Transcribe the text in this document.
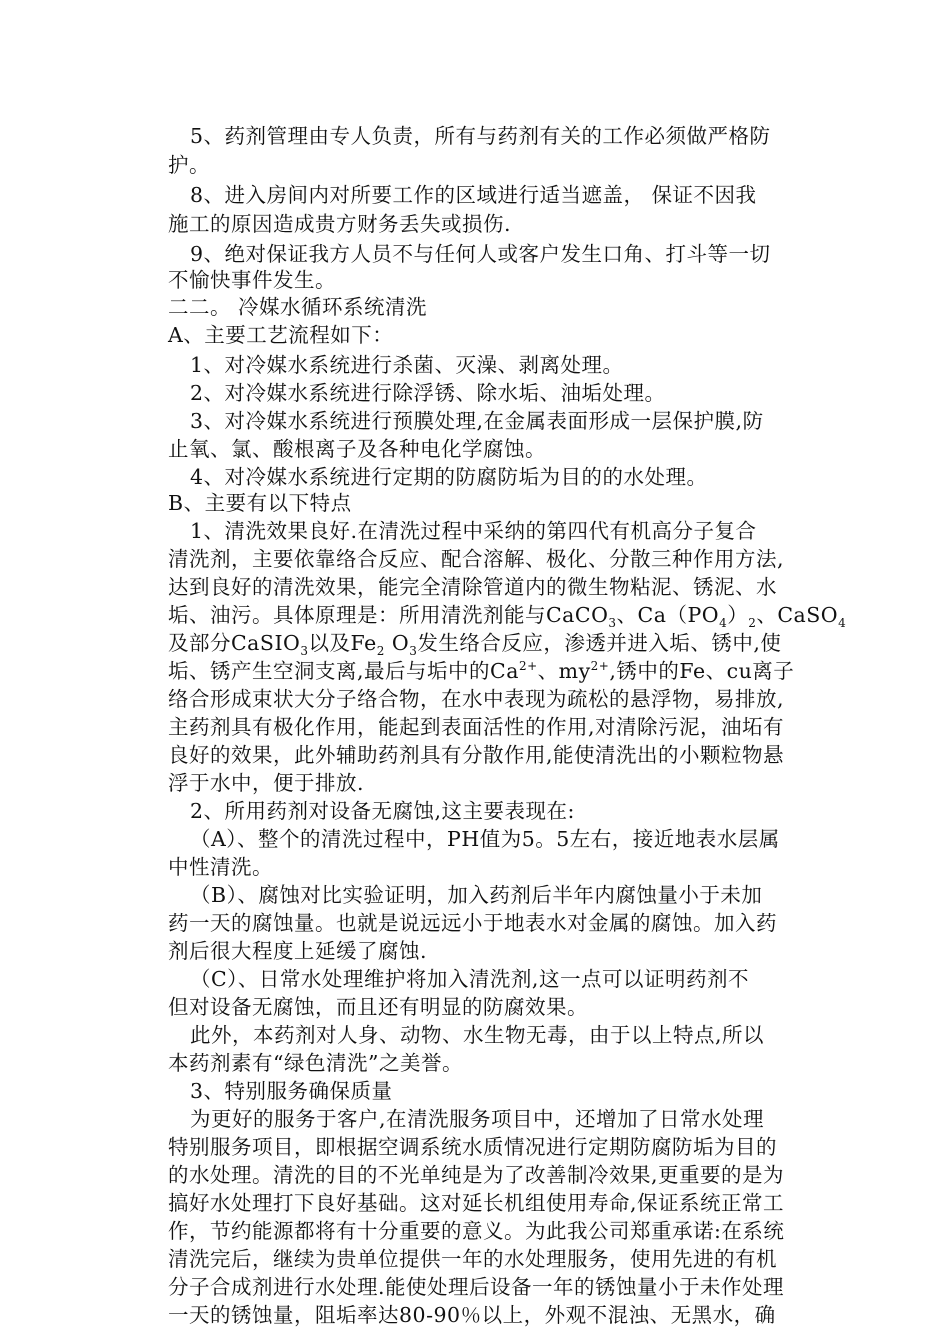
5、药剂管理由专人负责，所有与药剂有关的工作必须做严格防
护。
8、进入房间内对所要工作的区域进行适当遮盖， 保证不因我
施工的原因造成贵方财务丢失或损伤.
9、绝对保证我方人员不与任何人或客户发生口角、打斗等一切
不愉快事件发生。
二二。 冷媒水循环系统清洗
A、主要工艺流程如下：
1、对冷媒水系统进行杀菌、灭澡、剥离处理。
2、对冷媒水系统进行除浮锈、除水垢、油垢处理。
3、对冷媒水系统进行预膜处理,在金属表面形成一层保护膜,防
止氧、氯、酸根离子及各种电化学腐蚀。
4、对冷媒水系统进行定期的防腐防垢为目的的水处理。
B、主要有以下特点
1、清洗效果良好.在清洗过程中采纳的第四代有机高分子复合
清洗剂，主要依靠络合反应、配合溶解、极化、分散三种作用方法,
达到良好的清洗效果，能完全清除管道内的微生物粘泥、锈泥、水
垢、油污。具体原理是：所用清洗剂能与CaCO$_3$、$Ca(PO_4)_2$、CaSO$_4$
及部分CaSIO$_3$以及$Fe_2$ $O_3$发生络合反应，渗透并进入垢、锈中,使
垢、锈产生空洞支离,最后与垢中的$Ca^{2+}$、$my^{2+}$,锈中的Fe、cu离子
络合形成束状大分子络合物，在水中表现为疏松的悬浮物，易排放,
主药剂具有极化作用，能起到表面活性的作用,对清除污泥，油坧有
良好的效果，此外辅助药剂具有分散作用,能使清洗出的小颗粒物悬
浮于水中，便于排放.
2、所用药剂对设备无腐蚀,这主要表现在:
（A）、整个的清洗过程中，PH值为5。5左右，接近地表水层属
中性清洗。
（B）、腐蚀对比实验证明，加入药剂后半年内腐蚀量小于未加
药一天的腐蚀量。也就是说远远小于地表水对金属的腐蚀。加入药
剂后很大程度上延缓了腐蚀.
（C）、日常水处理维护将加入清洗剂,这一点可以证明药剂不
但对设备无腐蚀，而且还有明显的防腐效果。
此外，本药剂对人身、动物、水生物无毒，由于以上特点,所以
本药剂素有“绿色清洗”之美誉。
3、特别服务确保质量
为更好的服务于客户,在清洗服务项目中，还增加了日常水处理
特别服务项目，即根据空调系统水质情况进行定期防腐防垢为目的
的水处理。清洗的目的不光单纯是为了改善制冷效果,更重要的是为
搞好水处理打下良好基础。这对延长机组使用寿命,保证系统正常工
作，节约能源都将有十分重要的意义。为此我公司郑重承诺:在系统
清洗完后，继续为贵单位提供一年的水处理服务，使用先进的有机
分子合成剂进行水处理.能使处理后设备一年的锈蚀量小于未作处理
一天的锈蚀量，阻垢率达80-90％以上，外观不混浊、无黑水，确
